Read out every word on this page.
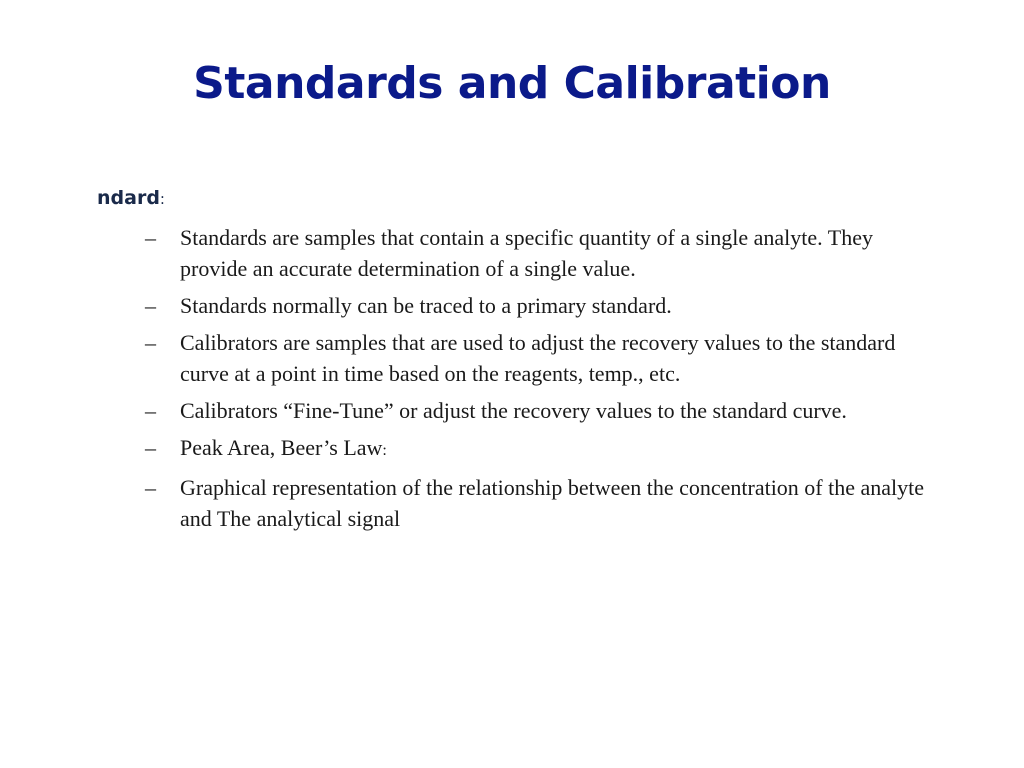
Standards and Calibration
ndard:
– Standards are samples that contain a specific quantity of a single analyte. They provide an accurate determination of a single value.
– Standards normally can be traced to a primary standard.
– Calibrators are samples that are used to adjust the recovery values to the standard curve at a point in time based on the reagents, temp., etc.
– Calibrators “Fine-Tune” or adjust the recovery values to the standard curve.
– Peak Area, Beer’s Law:
– Graphical representation of the relationship between the concentration of the analyte and The analytical signal
